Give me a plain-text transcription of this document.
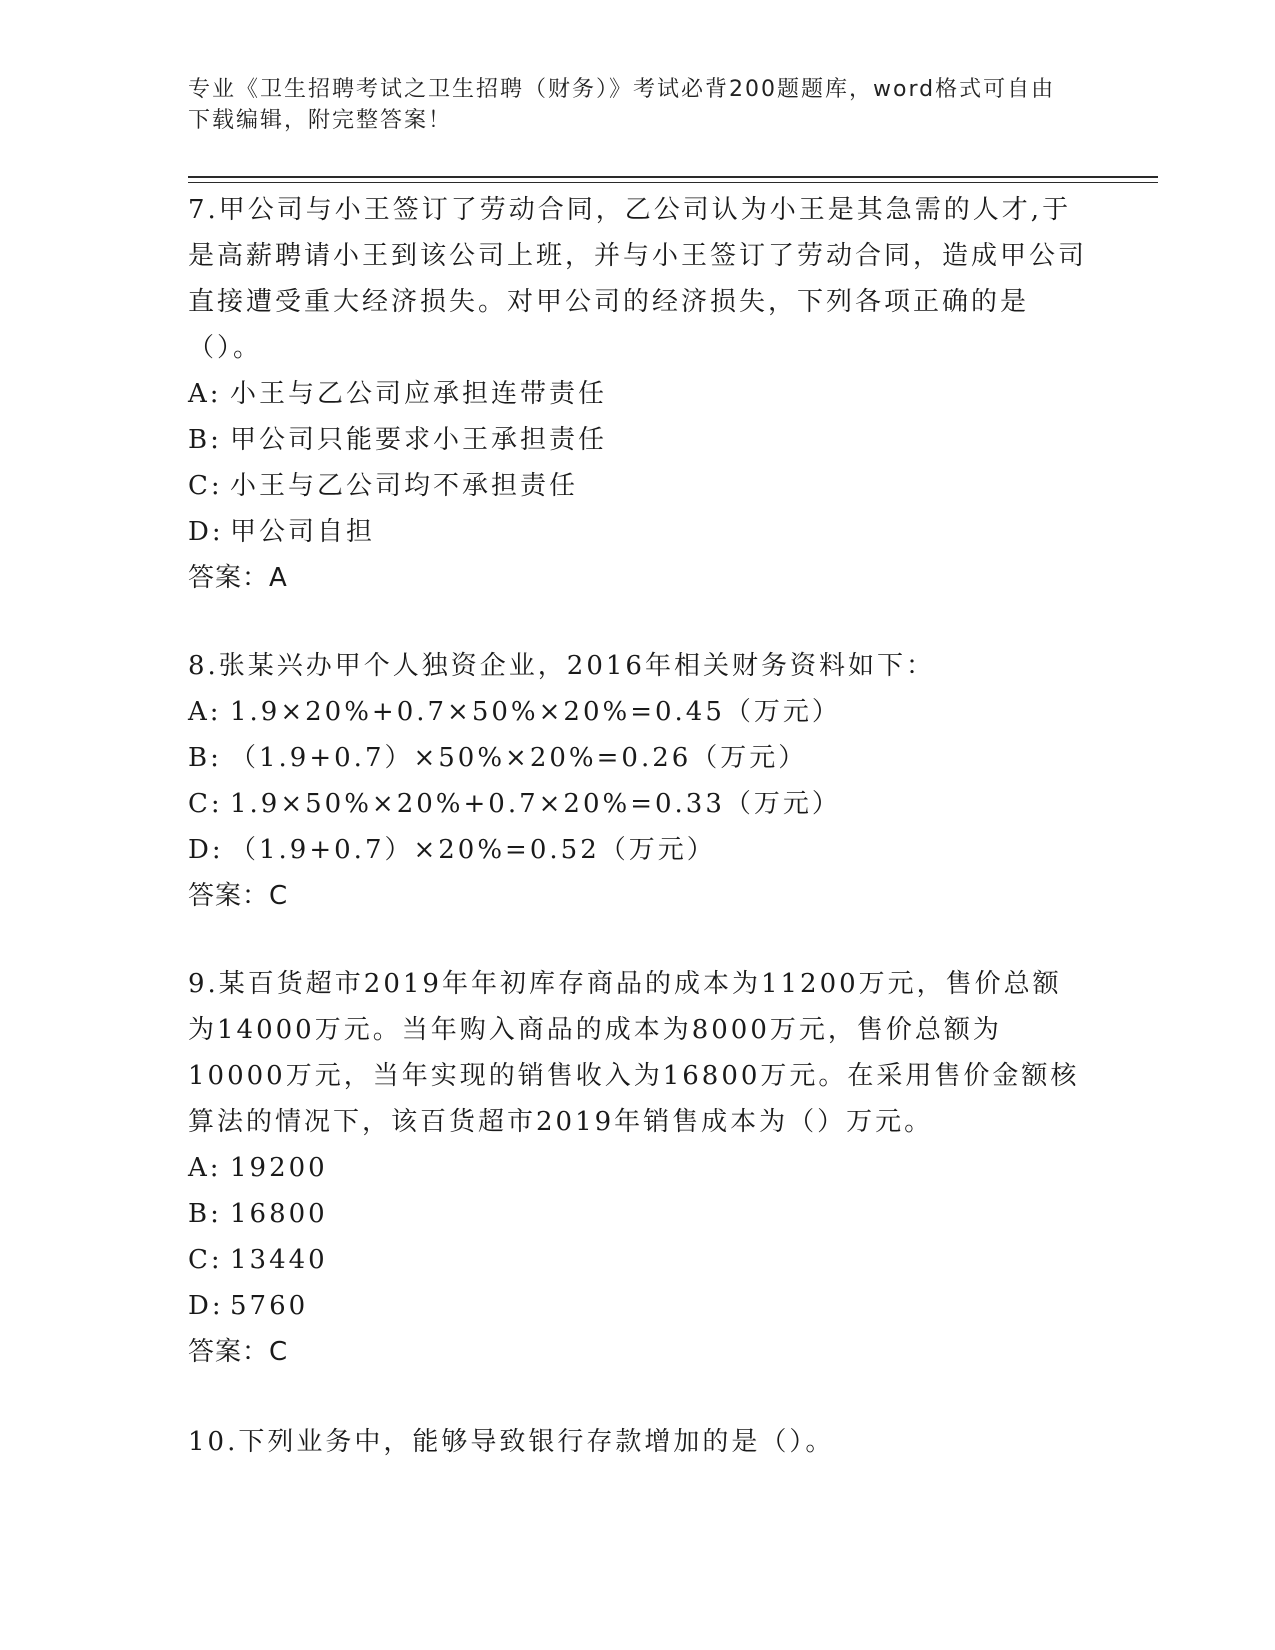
专业《卫生招聘考试之卫生招聘（财务）》考试必背200题题库，word格式可自由下载编辑，附完整答案！

7.甲公司与小王签订了劳动合同，乙公司认为小王是其急需的人才,于是高薪聘请小王到该公司上班，并与小王签订了劳动合同，造成甲公司直接遭受重大经济损失。对甲公司的经济损失，下列各项正确的是（）。

A: 小王与乙公司应承担连带责任

B: 甲公司只能要求小王承担责任

C: 小王与乙公司均不承担责任

D: 甲公司自担

答案：A

8.张某兴办甲个人独资企业，2016年相关财务资料如下：

A: 1.9×20%+0.7×50%×20%=0.45（万元）

B: （1.9+0.7）×50%×20%=0.26（万元）

C: 1.9×50%×20%+0.7×20%=0.33（万元）

D: （1.9+0.7）×20%=0.52（万元）

答案：C

9.某百货超市2019年年初库存商品的成本为11200万元，售价总额为14000万元。当年购入商品的成本为8000万元，售价总额为10000万元，当年实现的销售收入为16800万元。在采用售价金额核算法的情况下，该百货超市2019年销售成本为（）万元。

A: 19200

B: 16800

C: 13440

D: 5760

答案：C

10.下列业务中，能够导致银行存款增加的是（）。
